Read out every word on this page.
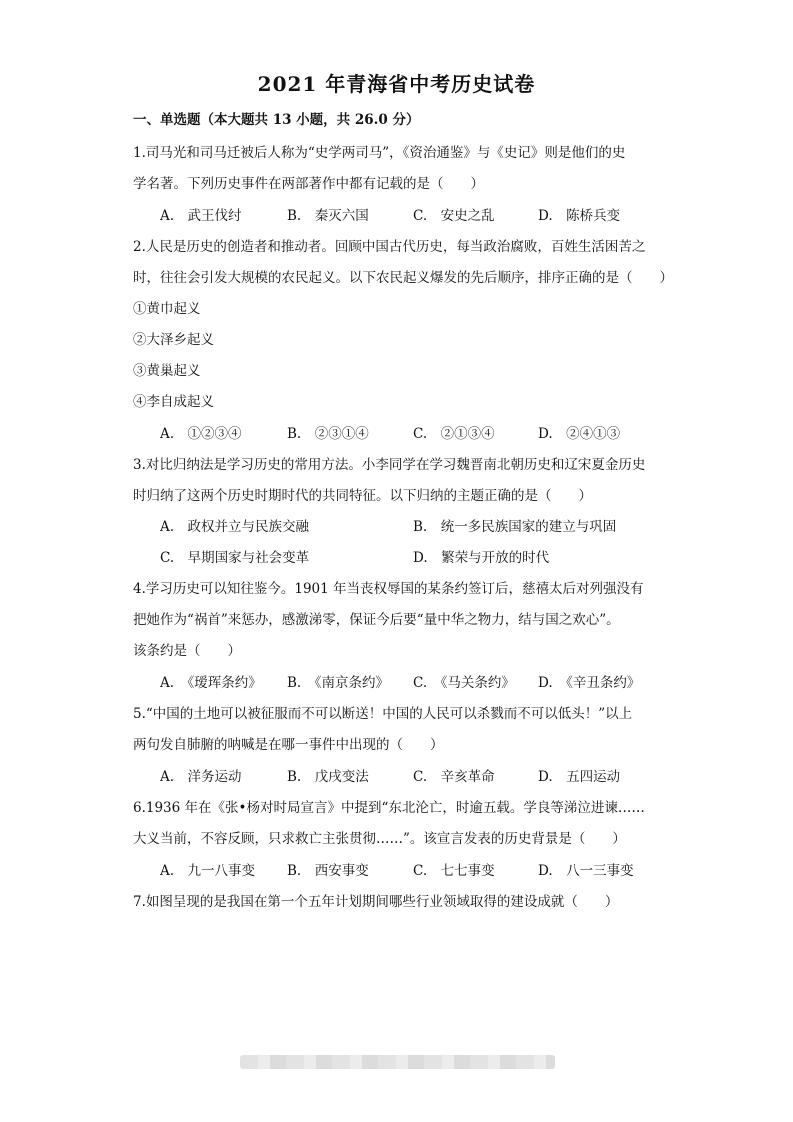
2021 年青海省中考历史试卷
一、单选题（本大题共 13 小题，共 26.0 分）
1.司马光和司马迁被后人称为“史学两司马”，《资治通鉴》与《史记》则是他们的史
学名著。下列历史事件在两部著作中都有记载的是（　　）
A.　武王伐纣	B.　秦灭六国	C.　安史之乱	D.　陈桥兵变
2.人民是历史的创造者和推动者。回顾中国古代历史，每当政治腐败，百姓生活困苦之
时，往往会引发大规模的农民起义。以下农民起义爆发的先后顺序，排序正确的是（　　）
①黄巾起义
②大泽乡起义
③黄巢起义
④李自成起义
A.　①②③④	B.　②③①④	C.　②①③④	D.　②④①③
3.对比归纳法是学习历史的常用方法。小李同学在学习魏晋南北朝历史和辽宋夏金历史
时归纳了这两个历史时期时代的共同特征。以下归纳的主题正确的是（　　）
A.　政权并立与民族交融	B.　统一多民族国家的建立与巩固
C.　早期国家与社会变革	D.　繁荣与开放的时代
4.学习历史可以知往鉴今。1901 年当丧权辱国的某条约签订后，慈禧太后对列强没有
把她作为“祸首”来惩办，感激涕零，保证今后要“量中华之物力，结与国之欢心”。
该条约是（　　）
A.　《瑷珲条约》 B.　《南京条约》 C.　《马关条约》 D.　《辛丑条约》
5.“中国的土地可以被征服而不可以断送！中国的人民可以杀戮而不可以低头！”以上
两句发自肺腑的呐喊是在哪一事件中出现的（　　）
A.　洋务运动	B.　戊戌变法	C.　辛亥革命	D.　五四运动
6.1936 年在《张•杨对时局宣言》中提到“东北沦亡，时逾五载。学良等涕泣进谏……
大义当前，不容反顾，只求救亡主张贯彻……”。该宣言发表的历史背景是（　　）
A.　九一八事变 B.　西安事变	C.　七七事变	D.　八一三事变
7.如图呈现的是我国在第一个五年计划期间哪些行业领域取得的建设成就（　　）
